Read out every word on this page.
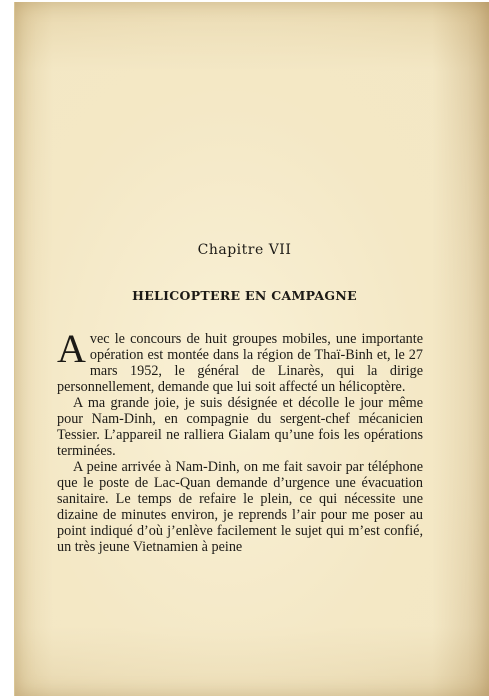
Chapitre VII
HELICOPTERE EN CAMPAGNE

Avec le concours de huit groupes mobiles, une importante opération est montée dans la région de Thaï-Binh et, le 27 mars 1952, le général de Linarès, qui la dirige personnellement, demande que lui soit affecté un hélicoptère.

A ma grande joie, je suis désignée et décolle le jour même pour Nam-Dinh, en compagnie du sergent-chef mécanicien Tessier. L’appareil ne ralliera Gialam qu’une fois les opérations terminées.

A peine arrivée à Nam-Dinh, on me fait savoir par téléphone que le poste de Lac-Quan demande d’urgence une évacuation sanitaire. Le temps de refaire le plein, ce qui nécessite une dizaine de minutes environ, je reprends l’air pour me poser au point indiqué d’où j’enlève facilement le sujet qui m’est confié, un très jeune Vietnamien à peine
